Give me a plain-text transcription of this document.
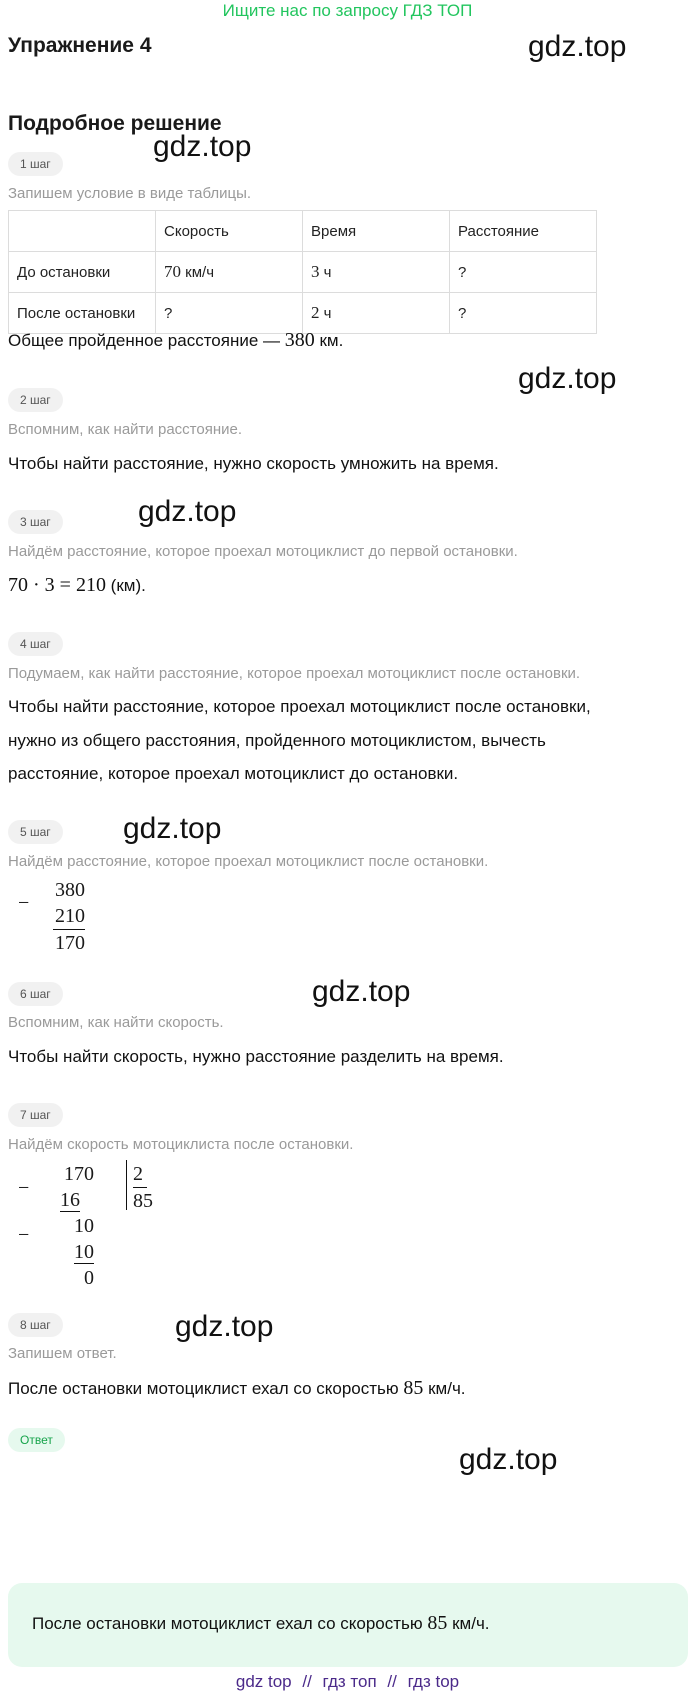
Ищите нас по запросу ГДЗ ТОП
Упражнение 4	gdz.top
Подробное решение
1 шаг
gdz.top
Запишем условие в виде таблицы.
	Скорость	Время	Расстояние
До остановки	70 км/ч	3 ч	?
После остановки	?	2 ч	?
Общее пройденное расстояние — 380 км.
gdz.top
2 шаг
Вспомним, как найти расстояние.
Чтобы найти расстояние, нужно скорость умножить на время.
3 шаг	gdz.top
Найдём расстояние, которое проехал мотоциклист до первой остановки.
70 · 3 = 210 (км).
4 шаг
Подумаем, как найти расстояние, которое проехал мотоциклист после остановки.
Чтобы найти расстояние, которое проехал мотоциклист после остановки,
нужно из общего расстояния, пройденного мотоциклистом, вычесть
расстояние, которое проехал мотоциклист до остановки.
5 шаг	gdz.top
Найдём расстояние, которое проехал мотоциклист после остановки.
−
380
210
170
6 шаг	gdz.top
Вспомним, как найти скорость.
Чтобы найти скорость, нужно расстояние разделить на время.
7 шаг
Найдём скорость мотоциклиста после остановки.
−
−
170
16
10
10
0
2
85
8 шаг	gdz.top
Запишем ответ.
После остановки мотоциклист ехал со скоростью 85 км/ч.
Ответ
gdz.top
После остановки мотоциклист ехал со скоростью 85 км/ч.
gdz top // гдз топ // гдз top
